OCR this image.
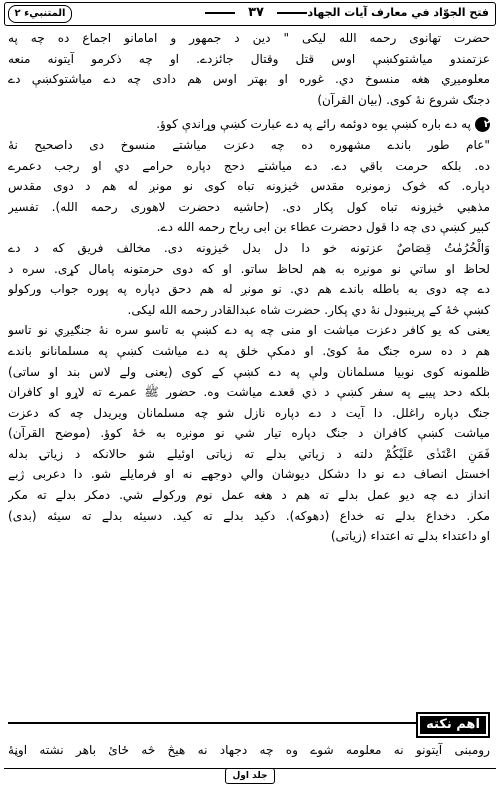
المتنبيء ٢	٣٧	فتح الجوّاد في معارف آيات الجهاد
حضرت تهانوی رحمه الله لیکی " دین د جمهور و امامانو اجماع ده چه په
عزتمندو میاشتوکښې اوس قتل وقتال جائزدے. او چه ذکرمو آیتونه منعه
معلومیږي هغه منسوخ دي. غوره او بهتر اوس هم دادی چه دے میاشتوکښې دے
دجنګ شروع نهٔ کوی. (بیان القرآن)
٢په دے باره کښې یوه دوئمه رائے په دے عبارت کښې وړاندې کوؤ.
"عام طور باندے مشهوره ده چه دعزت میاشتے منسوخ دی داصحیح نهٔ
ده. بلکه حرمت باقي دے. دے میاشتے دحج دپاره حرامے دي او رجب دعمرے
دپاره. که څوک زمونږه مقدس څیزونه تباه کوی نو مونږ له هم د دوی مقدس
مذهبي څیزونه تباه کول پکار دی. (حاشیه دحضرت لاهوری رحمه الله). تفسیر
کبیر کښې دی چه دا قول دحضرت عطاء بن ابی رباح رحمه الله دے.
وَالْحُرُمٰتُ قِصَاصٌ عزتونه خو دا دل بدل څیزونه دی. مخالف فریق که د دے
لحاظ او ساتي نو مونږه به هم لحاظ ساتو. او که دوی حرمتونه پامال کړی. سره د
دے چه دوی به باطله باندے هم دي. نو مونږ له هم دحق دپاره په پوره جواب ورکولو
کښې څهٔ کے پرینبودل نهٔ دي پکار. حضرت شاه عبدالقادر رحمه الله لیکی.
یعنی که یو کافر دعزت میاشت او منی چه په دے کښې به تاسو سره نهٔ جنګیږي نو تاسو
هم د ده سره جنګ مهٔ کوئ. او دمکې خلق په دے میاشت کښې په مسلمانانو باندے
ظلمونه کوی نوبیا مسلمانان ولې په دے کښې کے کوی (یعنی ولے لاس بند او ساتی)
بلکه دحد پیبے په سفر کښې د ذي قعدے میاشت وه. حضور ﷺ عمرے ته لاړو او کافران
جنګ دپاره راغلل. دا آیت د دے دپاره نازل شو چه مسلمانان ویریدل چه که دعزت
میاشت کښې کافران د جنګ دپاره تیار شي نو مونږه به څهٔ کوؤ. (موضح القرآن)
فَمَنِ اعْتَدٰى عَلَيْكُمْ دلته د زیاتي بدلے ته زیاتی اوئیلے شو حالانکه د زیاتۍ بدله
اخستل انصاف دے نو دا دشکل دیوشان والي دوجهے نه او فرمایلے شو. دا دعربی ژبے
انداز دے چه دیو عمل بدلے ته هم د هغه عمل نوم ورکولے شي. دمکر بدلے ته مکر
مکر. دخداع بدلے ته خداع (دهوکه). دکید بدلے ته کید. دسیئه بدلے ته سیئه (بدی)
او داعتداء بدلے ته اعتداء (زیاتی)
اهم نکته
رومبنی آیتونو نه معلومه شوے وه چه دجهاد نه هیڅ څه ځائ باهر نشته اوڼهٔ
جلد اول
